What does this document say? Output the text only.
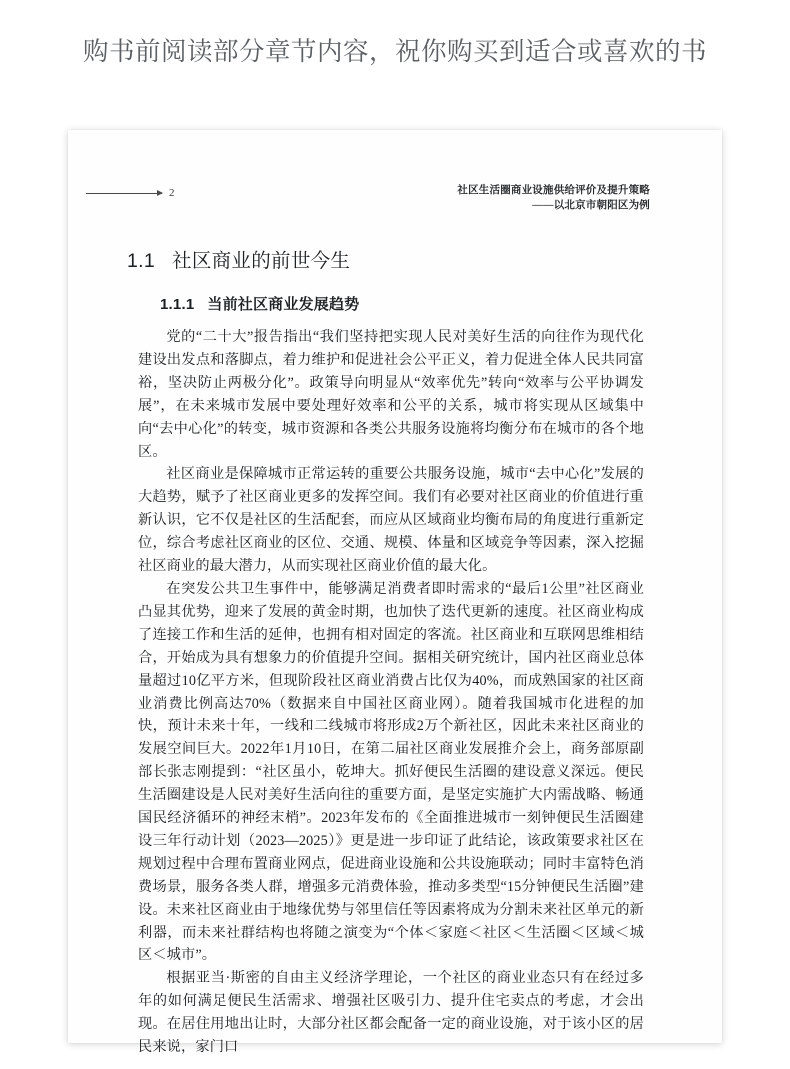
购书前阅读部分章节内容，祝你购买到适合或喜欢的书
2	社区生活圈商业设施供给评价及提升策略
——以北京市朝阳区为例
1.1 社区商业的前世今生
1.1.1 当前社区商业发展趋势

党的“二十大”报告指出“我们坚持把实现人民对美好生活的向往作为现代化建设出发点和落脚点，着力维护和促进社会公平正义，着力促进全体人民共同富裕，坚决防止两极分化”。政策导向明显从“效率优先”转向“效率与公平协调发展”，在未来城市发展中要处理好效率和公平的关系，城市将实现从区域集中向“去中心化”的转变，城市资源和各类公共服务设施将均衡分布在城市的各个地区。

社区商业是保障城市正常运转的重要公共服务设施，城市“去中心化”发展的大趋势，赋予了社区商业更多的发挥空间。我们有必要对社区商业的价值进行重新认识，它不仅是社区的生活配套，而应从区域商业均衡布局的角度进行重新定位，综合考虑社区商业的区位、交通、规模、体量和区域竞争等因素，深入挖掘社区商业的最大潜力，从而实现社区商业价值的最大化。

在突发公共卫生事件中，能够满足消费者即时需求的“最后1公里”社区商业凸显其优势，迎来了发展的黄金时期，也加快了迭代更新的速度。社区商业构成了连接工作和生活的延伸，也拥有相对固定的客流。社区商业和互联网思维相结合，开始成为具有想象力的价值提升空间。据相关研究统计，国内社区商业总体量超过10亿平方米，但现阶段社区商业消费占比仅为40%，而成熟国家的社区商业消费比例高达70%（数据来自中国社区商业网）。随着我国城市化进程的加快，预计未来十年，一线和二线城市将形成2万个新社区，因此未来社区商业的发展空间巨大。2022年1月10日，在第二届社区商业发展推介会上，商务部原副部长张志刚提到：“社区虽小，乾坤大。抓好便民生活圈的建设意义深远。便民生活圈建设是人民对美好生活向往的重要方面，是坚定实施扩大内需战略、畅通国民经济循环的神经末梢”。2023年发布的《全面推进城市一刻钟便民生活圈建设三年行动计划（2023—2025）》更是进一步印证了此结论，该政策要求社区在规划过程中合理布置商业网点，促进商业设施和公共设施联动；同时丰富特色消费场景，服务各类人群，增强多元消费体验，推动多类型“15分钟便民生活圈”建设。未来社区商业由于地缘优势与邻里信任等因素将成为分割未来社区单元的新利器，而未来社群结构也将随之演变为“个体＜家庭＜社区＜生活圈＜区域＜城区＜城市”。

根据亚当·斯密的自由主义经济学理论，一个社区的商业业态只有在经过多年的如何满足便民生活需求、增强社区吸引力、提升住宅卖点的考虑，才会出现。在居住用地出让时，大部分社区都会配备一定的商业设施，对于该小区的居民来说，家门口
